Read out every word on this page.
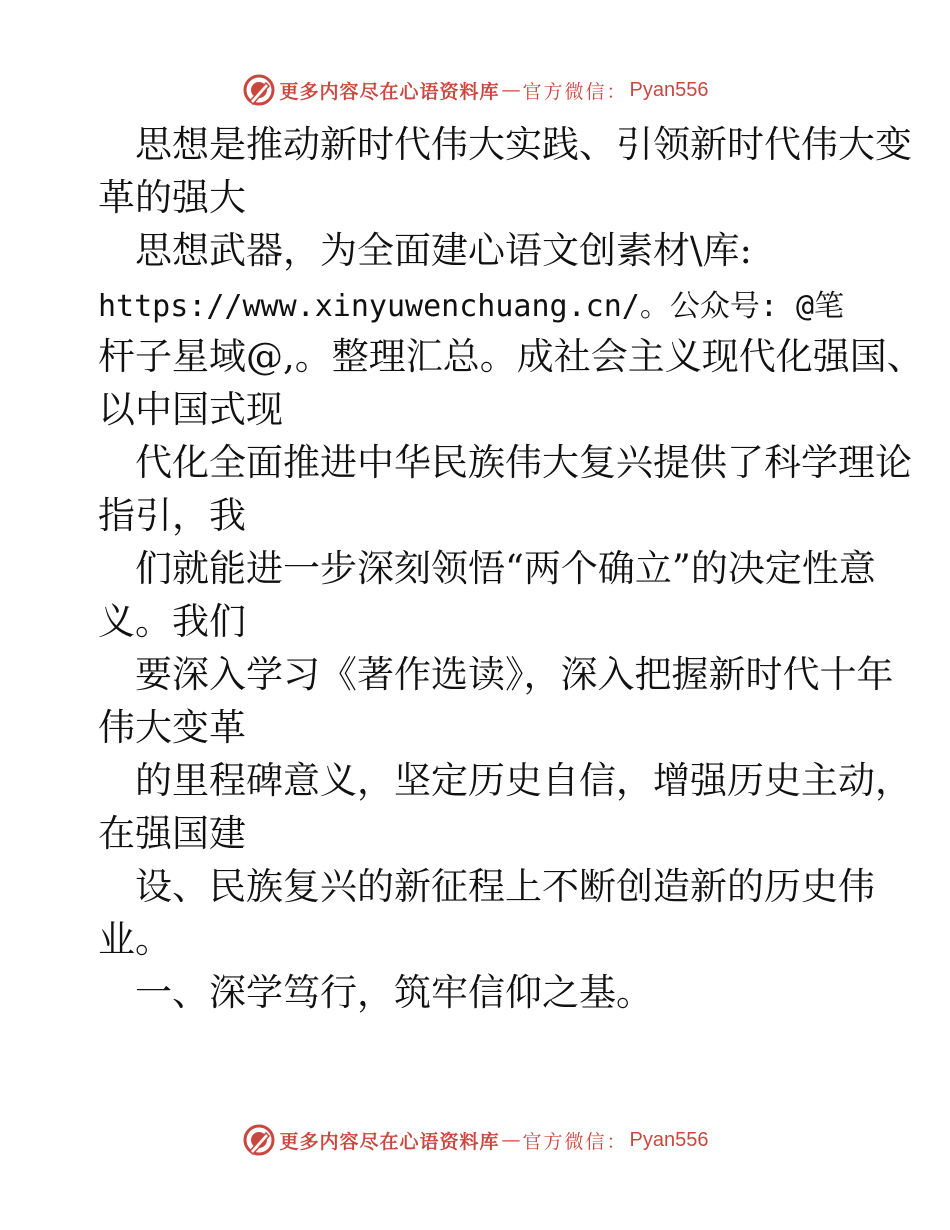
更多内容尽在心语资料库 — 官方微信： Pyan556
思想是推动新时代伟大实践、引领新时代伟大变
革的强大
思想武器，为全面建心语文创素材\库:
https://www.xinyuwenchuang.cn/。公众号: @笔
杆子星域@,。整理汇总。成社会主义现代化强国、
以中国式现
代化全面推进中华民族伟大复兴提供了科学理论
指引，我
们就能进一步深刻领悟“两个确立”的决定性意
义。我们
要深入学习《著作选读》，深入把握新时代十年
伟大变革
的里程碑意义，坚定历史自信，增强历史主动，
在强国建
设、民族复兴的新征程上不断创造新的历史伟
业。
一、深学笃行，筑牢信仰之基。
更多内容尽在心语资料库 — 官方微信： Pyan556
